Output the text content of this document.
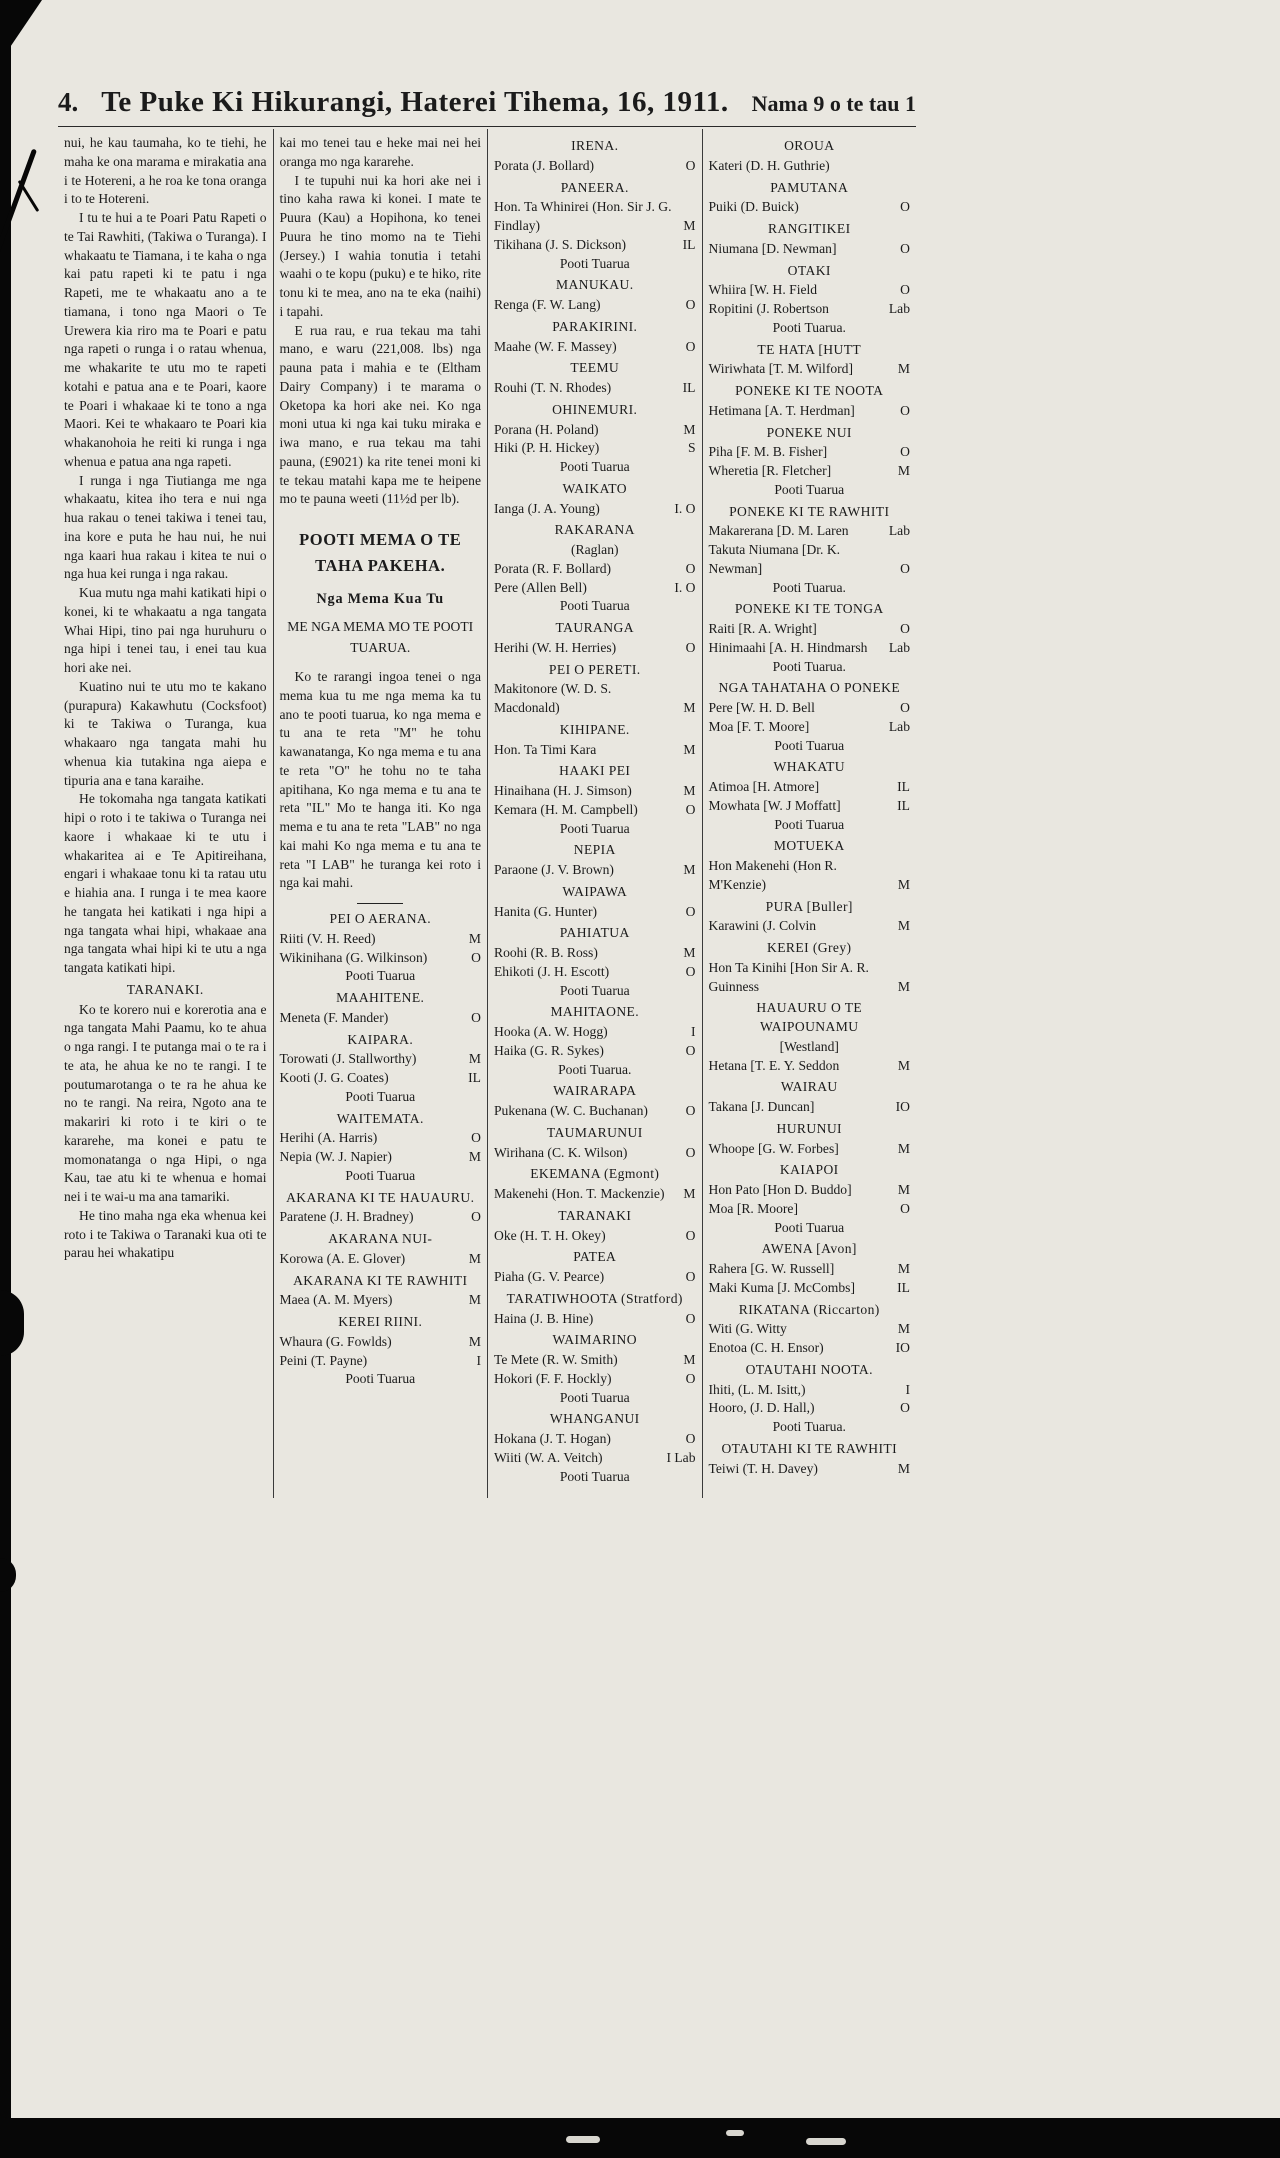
4. Te Puke Ki Hikurangi, Haterei Tihema, 16, 1911.	Nama 9 o te tau 1
nui, he kau taumaha, ko te tiehi, he maha ke ona marama e mirakatia ana i te Hotereni, a he roa ke tona oranga i to te Hotereni.
I tu te hui a te Poari Patu Rapeti o te Tai Rawhiti, (Takiwa o Turanga). I whakaatu te Tiamana, i te kaha o nga kai patu rapeti ki te patu i nga Rapeti, me te whakaatu ano a te tiamana, i tono nga Maori o Te Urewera kia riro ma te Poari e patu nga rapeti o runga i o ratau whenua, me whakarite te utu mo te rapeti kotahi e patua ana e te Poari, kaore te Poari i whakaae ki te tono a nga Maori. Kei te whakaaro te Poari kia whakanohoia he reiti ki runga i nga whenua e patua ana nga rapeti.
I runga i nga Tiutianga me nga whakaatu, kitea iho tera e nui nga hua rakau o tenei takiwa i tenei tau, ina kore e puta he hau nui, he nui nga kaari hua rakau i kitea te nui o nga hua kei runga i nga rakau.
Kua mutu nga mahi katikati hipi o konei, ki te whakaatu a nga tangata Whai Hipi, tino pai nga huruhuru o nga hipi i tenei tau, i enei tau kua hori ake nei.
Kuatino nui te utu mo te kakano (purapura) Kakawhutu (Cocksfoot) ki te Takiwa o Turanga, kua whakaaro nga tangata mahi hu whenua kia tutakina nga aiepa e tipuria ana e tana karaihe.
He tokomaha nga tangata katikati hipi o roto i te takiwa o Turanga nei kaore i whakaae ki te utu i whakaritea ai e Te Apitireihana, engari i whakaae tonu ki ta ratau utu e hiahia ana. I runga i te mea kaore he tangata hei katikati i nga hipi a nga tangata whai hipi, whakaae ana nga tangata whai hipi ki te utu a nga tangata katikati hipi.
TARANAKI.
Ko te korero nui e korerotia ana e nga tangata Mahi Paamu, ko te ahua o nga rangi. I te putanga mai o te ra i te ata, he ahua ke no te rangi. I te poutumarotanga o te ra he ahua ke no te rangi. Na reira, Ngoto ana te makariri ki roto i te kiri o te kararehe, ma konei e patu te momonatanga o nga Hipi, o nga Kau, tae atu ki te whenua e homai nei i te wai-u ma ana tamariki.
He tino maha nga eka whenua kei roto i te Takiwa o Taranaki kua oti te parau hei whakatipu
kai mo tenei tau e heke mai nei hei oranga mo nga kararehe.
I te tupuhi nui ka hori ake nei i tino kaha rawa ki konei. I mate te Puura (Kau) a Hopihona, ko tenei Puura he tino momo na te Tiehi (Jersey.) I wahia tonutia i tetahi waahi o te kopu (puku) e te hiko, rite tonu ki te mea, ano na te eka (naihi) i tapahi.
E rua rau, e rua tekau ma tahi mano, e waru (221,008. lbs) nga pauna pata i mahia e te (Eltham Dairy Company) i te marama o Oketopa ka hori ake nei. Ko nga moni utua ki nga kai tuku miraka e iwa mano, e rua tekau ma tahi pauna, (£9021) ka rite tenei moni ki te tekau matahi kapa me te heipene mo te pauna weeti (11½d per lb).
POOTI MEMA O TE TAHA PAKEHA.
Nga Mema Kua Tu
ME NGA MEMA MO TE POOTI TUARUA.
Ko te rarangi ingoa tenei o nga mema kua tu me nga mema ka tu ano te pooti tuarua, ko nga mema e tu ana te reta "M" he tohu kawanatanga, Ko nga mema e tu ana te reta "O" he tohu no te taha apitihana, Ko nga mema e tu ana te reta "IL" Mo te hanga iti. Ko nga mema e tu ana te reta "LAB" no nga kai mahi Ko nga mema e tu ana te reta "I LAB" he turanga kei roto i nga kai mahi.
PEI O AERANA.
Riiti (V. H. Reed)	M
Wikinihana (G. Wilkinson)	O
Pooti Tuarua
MAAHITENE.
Meneta (F. Mander)	O
KAIPARA.
Torowati (J. Stallworthy)	M
Kooti (J. G. Coates)	IL
Pooti Tuarua
WAITEMATA.
Herihi (A. Harris)	O
Nepia (W. J. Napier)	M
Pooti Tuarua
AKARANA KI TE HAUAURU.
Paratene (J. H. Bradney)	O
AKARANA NUI-
Korowa (A. E. Glover)	M
AKARANA KI TE RAWHITI
Maea (A. M. Myers)	M
KEREI RIINI.
Whaura (G. Fowlds)	M
Peini (T. Payne)	I
Pooti Tuarua
IRENA.
Porata (J. Bollard)	O
PANEERA.
Hon. Ta Whinirei (Hon. Sir J. G. Findlay)	M
Tikihana (J. S. Dickson)	IL
Pooti Tuarua
MANUKAU.
Renga (F. W. Lang)	O
PARAKIRINI.
Maahe (W. F. Massey)	O
TEEMU
Rouhi (T. N. Rhodes)	IL
OHINEMURI.
Porana (H. Poland)	M
Hiki (P. H. Hickey)	S
Pooti Tuarua
WAIKATO
Ianga (J. A. Young)	I. O
RAKARANA
(Raglan)
Porata (R. F. Bollard)	O
Pere (Allen Bell)	I. O
Pooti Tuarua
TAURANGA
Herihi (W. H. Herries)	O
PEI O PERETI.
Makitonore (W. D. S. Macdonald)	M
KIHIPANE.
Hon. Ta Timi Kara	M
HAAKI PEI
Hinaihana (H. J. Simson)	M
Kemara (H. M. Campbell)	O
Pooti Tuarua
NEPIA
Paraone (J. V. Brown)	M
WAIPAWA
Hanita (G. Hunter)	O
PAHIATUA
Roohi (R. B. Ross)	M
Ehikoti (J. H. Escott)	O
Pooti Tuarua
MAHITAONE.
Hooka (A. W. Hogg)	I
Haika (G. R. Sykes)	O
Pooti Tuarua.
WAIRARAPA
Pukenana (W. C. Buchanan)	O
TAUMARUNUI
Wirihana (C. K. Wilson)	O
EKEMANA (Egmont)
Makenehi (Hon. T. Mackenzie)	M
TARANAKI
Oke (H. T. H. Okey)	O
PATEA
Piaha (G. V. Pearce)	O
TARATIWHOOTA (Stratford)
Haina (J. B. Hine)	O
WAIMARINO
Te Mete (R. W. Smith)	M
Hokori (F. F. Hockly)	O
Pooti Tuarua
WHANGANUI
Hokana (J. T. Hogan)	O
Wiiti (W. A. Veitch)	I Lab
Pooti Tuarua
OROUA
Kateri (D. H. Guthrie)
PAMUTANA
Puiki (D. Buick)	O
RANGITIKEI
Niumana [D. Newman]	O
OTAKI
Whiira [W. H. Field	O
Ropitini (J. Robertson	Lab
Pooti Tuarua.
TE HATA [HUTT
Wiriwhata [T. M. Wilford]	M
PONEKE KI TE NOOTA
Hetimana [A. T. Herdman]	O
PONEKE NUI
Piha [F. M. B. Fisher]	O
Wheretia [R. Fletcher]	M
Pooti Tuarua
PONEKE KI TE RAWHITI
Makarerana [D. M. Laren	Lab
Takuta Niumana [Dr. K. Newman]	O
Pooti Tuarua.
PONEKE KI TE TONGA
Raiti [R. A. Wright]	O
Hinimaahi [A. H. Hindmarsh	Lab
Pooti Tuarua.
NGA TAHATAHA O PONEKE
Pere [W. H. D. Bell	O
Moa [F. T. Moore]	Lab
Pooti Tuarua
WHAKATU
Atimoa [H. Atmore]	IL
Mowhata [W. J Moffatt]	IL
Pooti Tuarua
MOTUEKA
Hon Makenehi (Hon R. M'Kenzie)	M
PURA [Buller]
Karawini (J. Colvin	M
KEREI (Grey)
Hon Ta Kinihi [Hon Sir A. R. Guinness	M
HAUAURU O TE WAIPOUNAMU
[Westland]
Hetana [T. E. Y. Seddon	M
WAIRAU
Takana [J. Duncan]	IO
HURUNUI
Whoope [G. W. Forbes]	M
KAIAPOI
Hon Pato [Hon D. Buddo]	M
Moa [R. Moore]	O
Pooti Tuarua
AWENA [Avon]
Rahera [G. W. Russell]	M
Maki Kuma [J. McCombs]	IL
RIKATANA (Riccarton)
Witi (G. Witty	M
Enotoa (C. H. Ensor)	IO
OTAUTAHI NOOTA.
Ihiti, (L. M. Isitt,)	I
Hooro, (J. D. Hall,)	O
Pooti Tuarua.
OTAUTAHI KI TE RAWHITI
Teiwi (T. H. Davey)	M
